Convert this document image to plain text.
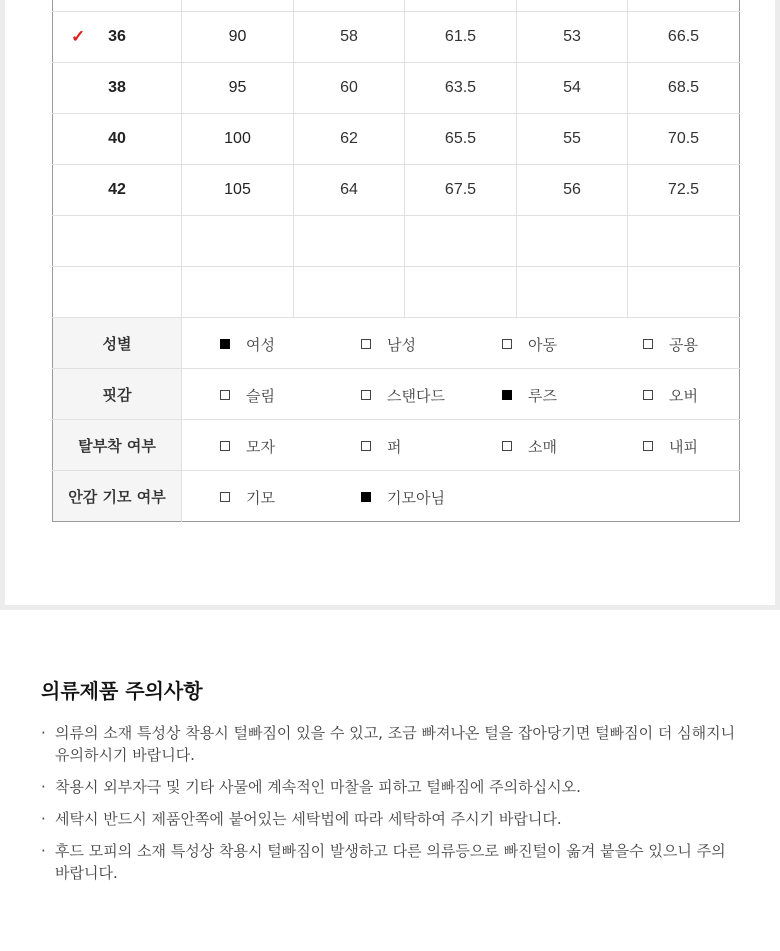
✓ 36	90	58	61.5	53	66.5
38	95	60	63.5	54	68.5
40	100	62	65.5	55	70.5
42	105	64	67.5	56	72.5

성별	여성 남성 아동 공용				

핏감	슬림 스탠다드 루즈 오버				

탈부착 여부	모자 퍼 소매 내피				

안감 기모 여부	기모 기모아님				
의류제품 주의사항
· 의류의 소재 특성상 착용시 털빠짐이 있을 수 있고, 조금 빠져나온 털을 잡아당기면 털빠짐이 더 심해지니 유의하시기 바랍니다.
· 착용시 외부자극 및 기타 사물에 계속적인 마찰을 피하고 털빠짐에 주의하십시오.
· 세탁시 반드시 제품안쪽에 붙어있는 세탁법에 따라 세탁하여 주시기 바랍니다.
· 후드 모피의 소재 특성상 착용시 털빠짐이 발생하고 다른 의류등으로 빠진털이 옮겨 붙을수 있으니 주의 바랍니다.
